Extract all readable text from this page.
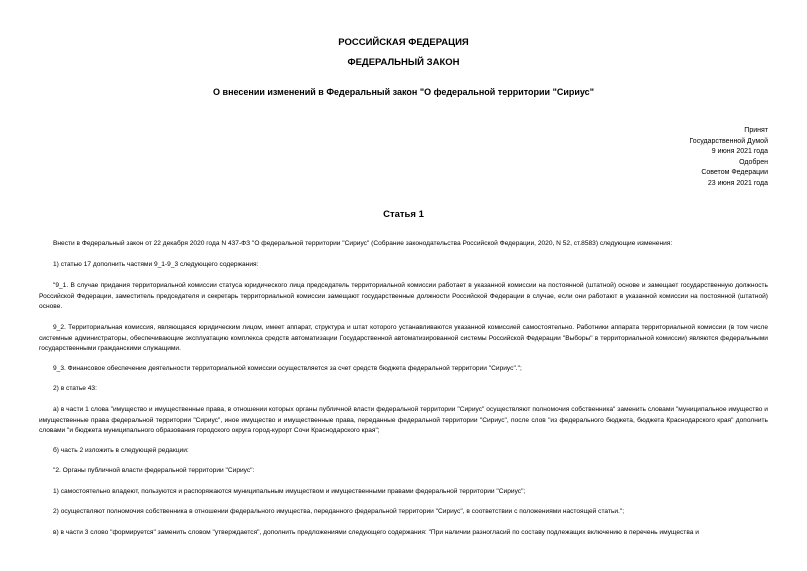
РОССИЙСКАЯ ФЕДЕРАЦИЯ
ФЕДЕРАЛЬНЫЙ ЗАКОН
О внесении изменений в Федеральный закон "О федеральной территории "Сириус"
Принят
Государственной Думой
9 июня 2021 года
Одобрен
Советом Федерации
23 июня 2021 года
Статья 1
Внести в Федеральный закон от 22 декабря 2020 года N 437-ФЗ "О федеральной территории "Сириус" (Собрание законодательства Российской Федерации, 2020, N 52, ст.8583) следующие изменения:
1) статью 17 дополнить частями 9_1-9_3 следующего содержания:
"9_1. В случае придания территориальной комиссии статуса юридического лица председатель территориальной комиссии работает в указанной комиссии на постоянной (штатной) основе и замещает государственную должность Российской Федерации, заместитель председателя и секретарь территориальной комиссии замещают государственные должности Российской Федерации в случае, если они работают в указанной комиссии на постоянной (штатной) основе.
9_2. Территориальная комиссия, являющаяся юридическим лицом, имеет аппарат, структура и штат которого устанавливаются указанной комиссией самостоятельно. Работники аппарата территориальной комиссии (в том числе системные администраторы, обеспечивающие эксплуатацию комплекса средств автоматизации Государственной автоматизированной системы Российской Федерации "Выборы" в территориальной комиссии) являются федеральными государственными гражданскими служащими.
9_3. Финансовое обеспечение деятельности территориальной комиссии осуществляется за счет средств бюджета федеральной территории "Сириус".";
2) в статье 43:
а) в части 1 слова "имущество и имущественные права, в отношении которых органы публичной власти федеральной территории "Сириус" осуществляют полномочия собственника" заменить словами "муниципальное имущество и имущественные права федеральной территории "Сириус", иное имущество и имущественные права, переданные федеральной территории "Сириус", после слов "из федерального бюджета, бюджета Краснодарского края" дополнить словами "и бюджета муниципального образования городского округа город-курорт Сочи Краснодарского края";
б) часть 2 изложить в следующей редакции:
"2. Органы публичной власти федеральной территории "Сириус":
1) самостоятельно владеют, пользуются и распоряжаются муниципальным имуществом и имущественными правами федеральной территории "Сириус";
2) осуществляют полномочия собственника в отношении федерального имущества, переданного федеральной территории "Сириус", в соответствии с положениями настоящей статьи.";
в) в части 3 слово "формируется" заменить словом "утверждается", дополнить предложениями следующего содержания: "При наличии разногласий по составу подлежащих включению в перечень имущества и
